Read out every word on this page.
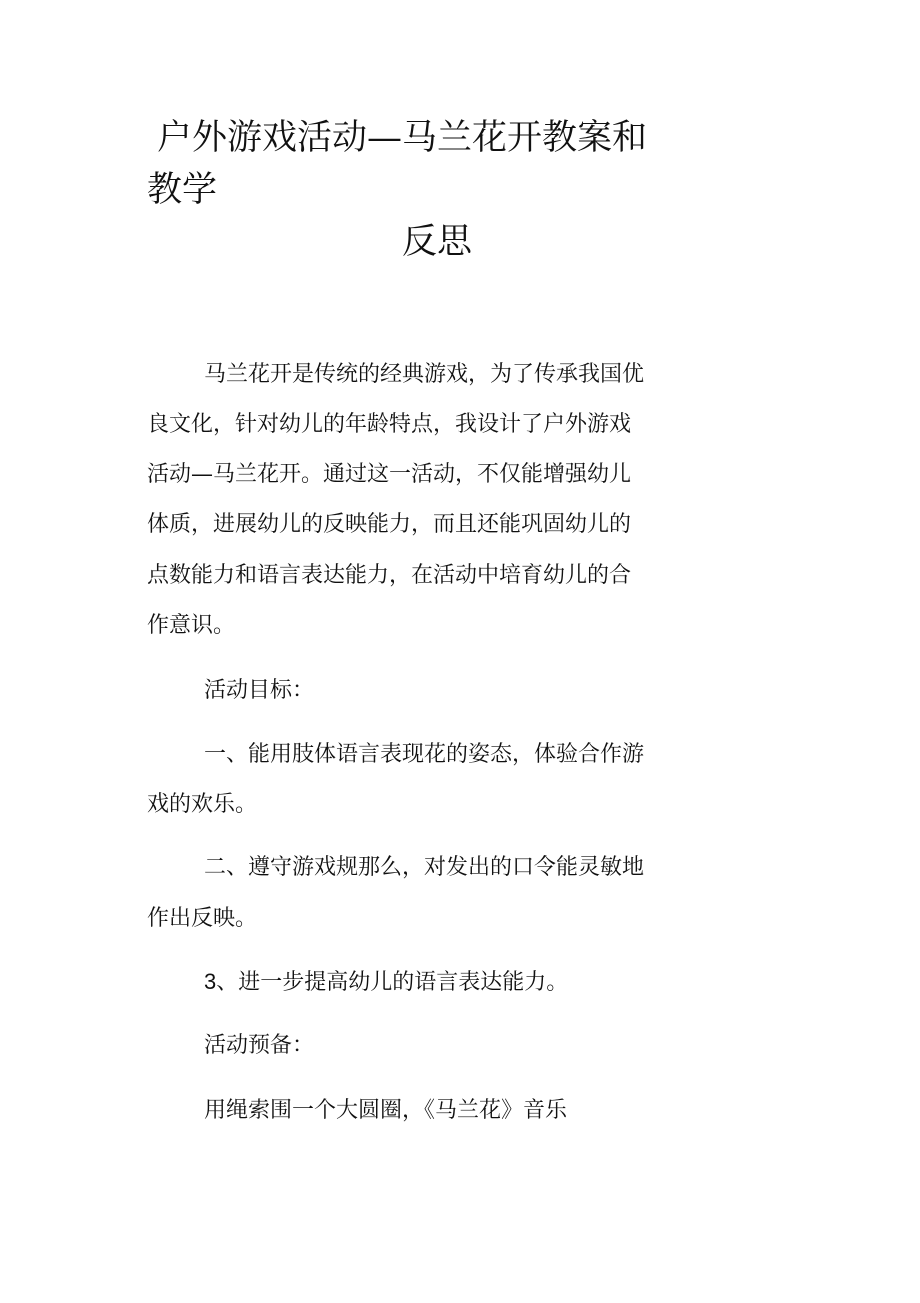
户外游戏活动—马兰花开教案和
教学
反思
马兰花开是传统的经典游戏，为了传承我国优
良文化，针对幼儿的年龄特点，我设计了户外游戏
活动—马兰花开。通过这一活动，不仅能增强幼儿
体质，进展幼儿的反映能力，而且还能巩固幼儿的
点数能力和语言表达能力，在活动中培育幼儿的合
作意识。
活动目标：
一、能用肢体语言表现花的姿态，体验合作游
戏的欢乐。
二、遵守游戏规那么，对发出的口令能灵敏地
作出反映。
3、进一步提高幼儿的语言表达能力。
活动预备：
用绳索围一个大圆圈，《马兰花》音乐
